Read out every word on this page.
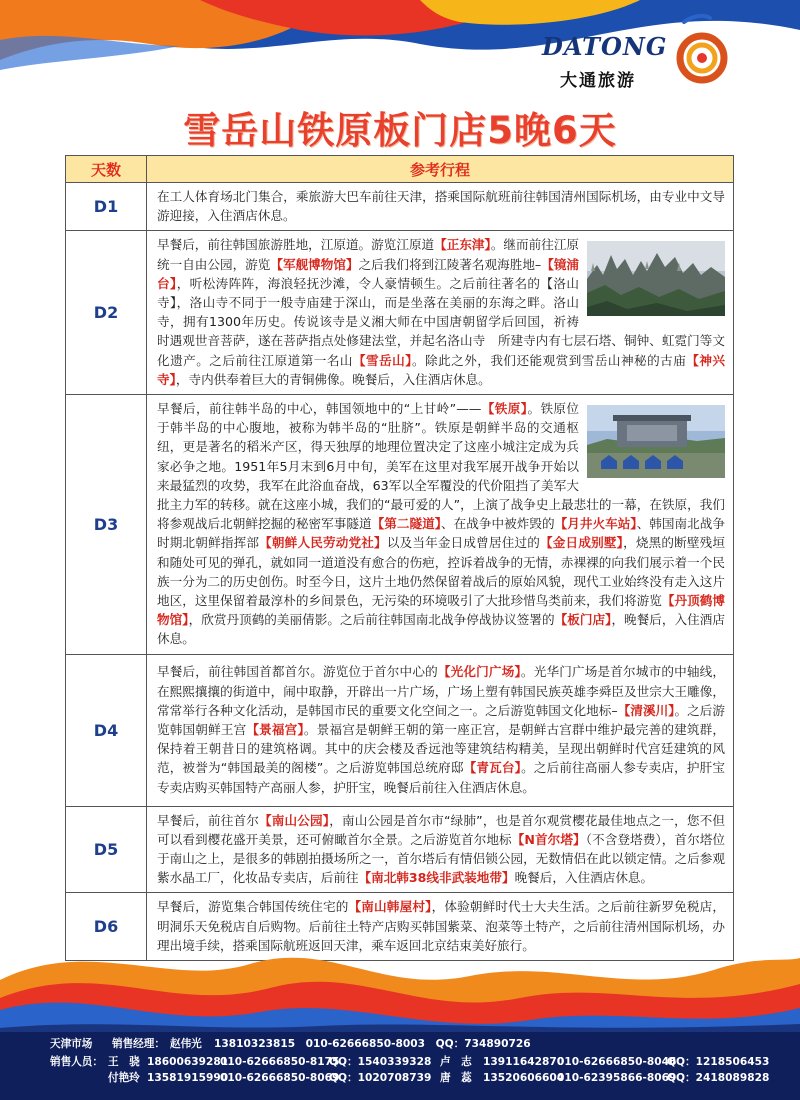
DATONG
大通旅游
雪岳山铁原板门店5晚6天
天数	参考行程
D1	在工人体育场北门集合，乘旅游大巴车前往天津，搭乘国际航班前往韩国清州国际机场，由专业中文导游迎接，入住酒店休息。
D2	早餐后，前往韩国旅游胜地，江原道。游览江原道【正东津】。继而前往江原统一自由公园，游览【军舰博物馆】之后我们将到江陵著名观海胜地–【镜浦台】，听松涛阵阵，海浪轻抚沙滩，令人豪情顿生。之后前往著名的【洛山寺】，洛山寺不同于一般寺庙建于深山，而是坐落在美丽的东海之畔。洛山寺，拥有1300年历史。传说该寺是义湘大师在中国唐朝留学后回国，祈祷时遇观世音菩萨，遂在菩萨指点处修建法堂，并起名洛山寺　所建寺内有七层石塔、铜钟、虹霓门等文化遗产。之后前往江原道第一名山【雪岳山】。除此之外，我们还能观赏到雪岳山神秘的古庙【神兴寺】，寺内供奉着巨大的青铜佛像。晚餐后，入住酒店休息。
D3	早餐后，前往韩半岛的中心，韩国领地中的“上甘岭”——【铁原】。铁原位于韩半岛的中心腹地，被称为韩半岛的“肚脐”。铁原是朝鲜半岛的交通枢纽，更是著名的稻米产区，得天独厚的地理位置决定了这座小城注定成为兵家必争之地。1951年5月末到6月中旬，美军在这里对我军展开战争开始以来最猛烈的攻势，我军在此浴血奋战，63军以全军覆没的代价阻挡了美军大批主力军的转移。就在这座小城，我们的“最可爱的人”，上演了战争史上最悲壮的一幕，在铁原，我们将参观战后北朝鲜挖掘的秘密军事隧道【第二隧道】、在战争中被炸毁的【月井火车站】、韩国南北战争时期北朝鲜指挥部【朝鲜人民劳动党社】以及当年金日成曾居住过的【金日成别墅】，烧黑的断壁残垣和随处可见的弹孔，就如同一道道没有愈合的伤疤，控诉着战争的无情，赤裸裸的向我们展示着一个民族一分为二的历史创伤。时至今日，这片土地仍然保留着战后的原始风貌，现代工业始终没有走入这片地区，这里保留着最淳朴的乡间景色，无污染的环境吸引了大批珍惜鸟类前来，我们将游览【丹顶鹤博物馆】，欣赏丹顶鹤的美丽倩影。之后前往韩国南北战争停战协议签署的【板门店】，晚餐后，入住酒店休息。
D4	早餐后，前往韩国首都首尔。游览位于首尔中心的【光化门广场】。光华门广场是首尔城市的中轴线，在熙熙攘攘的街道中，闹中取静，开辟出一片广场，广场上塑有韩国民族英雄李舜臣及世宗大王雕像，常常举行各种文化活动，是韩国市民的重要文化空间之一。之后游览韩国文化地标–【清溪川】。之后游览韩国朝鲜王宫【景福宫】。景福宫是朝鲜王朝的第一座正宫，是朝鲜古宫群中维护最完善的建筑群，保持着王朝昔日的建筑格调。其中的庆会楼及香远池等建筑结构精美，呈现出朝鲜时代宫廷建筑的风范，被誉为“韩国最美的阁楼”。之后游览韩国总统府邸【青瓦台】。之后前往高丽人参专卖店，护肝宝专卖店购买韩国特产高丽人参，护肝宝，晚餐后前往入住酒店休息。
D5	早餐后，前往首尔【南山公园】，南山公园是首尔市“绿肺”，也是首尔观赏樱花最佳地点之一，您不但可以看到樱花盛开美景，还可俯瞰首尔全景。之后游览首尔地标【N首尔塔】（不含登塔费），首尔塔位于南山之上，是很多的韩剧拍摄场所之一，首尔塔后有情侣锁公园，无数情侣在此以锁定情。之后参观紫水晶工厂，化妆品专卖店，后前往【南北韩38线非武装地带】晚餐后，入住酒店休息。
D6	早餐后，游览集合韩国传统住宅的【南山韩屋村】，体验朝鲜时代士大夫生活。之后前往新罗免税店，明洞乐天免税店自后购物。后前往土特产店购买韩国紫菜、泡菜等土特产，之后前往清州国际机场，办理出境手续，搭乘国际航班返回天津，乘车返回北京结束美好旅行。
天津市场 销售经理： 赵伟光 13810323815　010-62666850-8003　QQ：734890726
销售人员： 王　骁 18600639281
010-62666850-8175
QQ：1540339328 卢　志 13911642870
010-62666850-8046
QQ：1218506453
付艳玲 13581915990
010-62666850-8069
QQ：1020708739 唐　蕊 13520606604
010-62395866-8069
QQ：2418089828
